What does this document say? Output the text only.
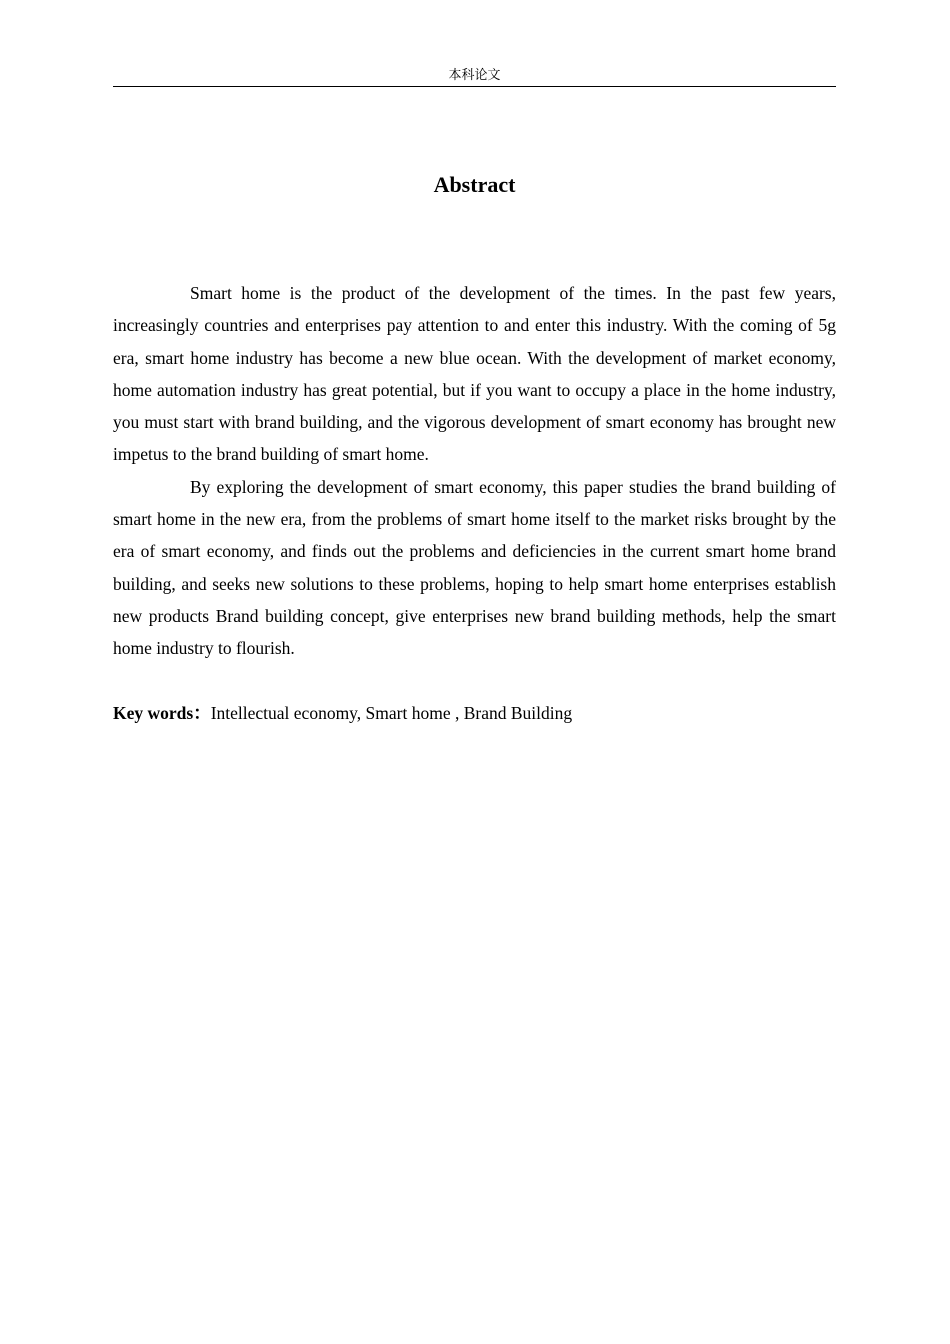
本科论文
Abstract

Smart home is the product of the development of the times. In the past few years, increasingly countries and enterprises pay attention to and enter this industry. With the coming of 5g era, smart home industry has become a new blue ocean. With the development of market economy, home automation industry has great potential, but if you want to occupy a place in the home industry, you must start with brand building, and the vigorous development of smart economy has brought new impetus to the brand building of smart home.

By exploring the development of smart economy, this paper studies the brand building of smart home in the new era, from the problems of smart home itself to the market risks brought by the era of smart economy, and finds out the problems and deficiencies in the current smart home brand building, and seeks new solutions to these problems, hoping to help smart home enterprises establish new products Brand building concept, give enterprises new brand building methods, help the smart home industry to flourish.

Key words：Intellectual economy, Smart home , Brand Building
